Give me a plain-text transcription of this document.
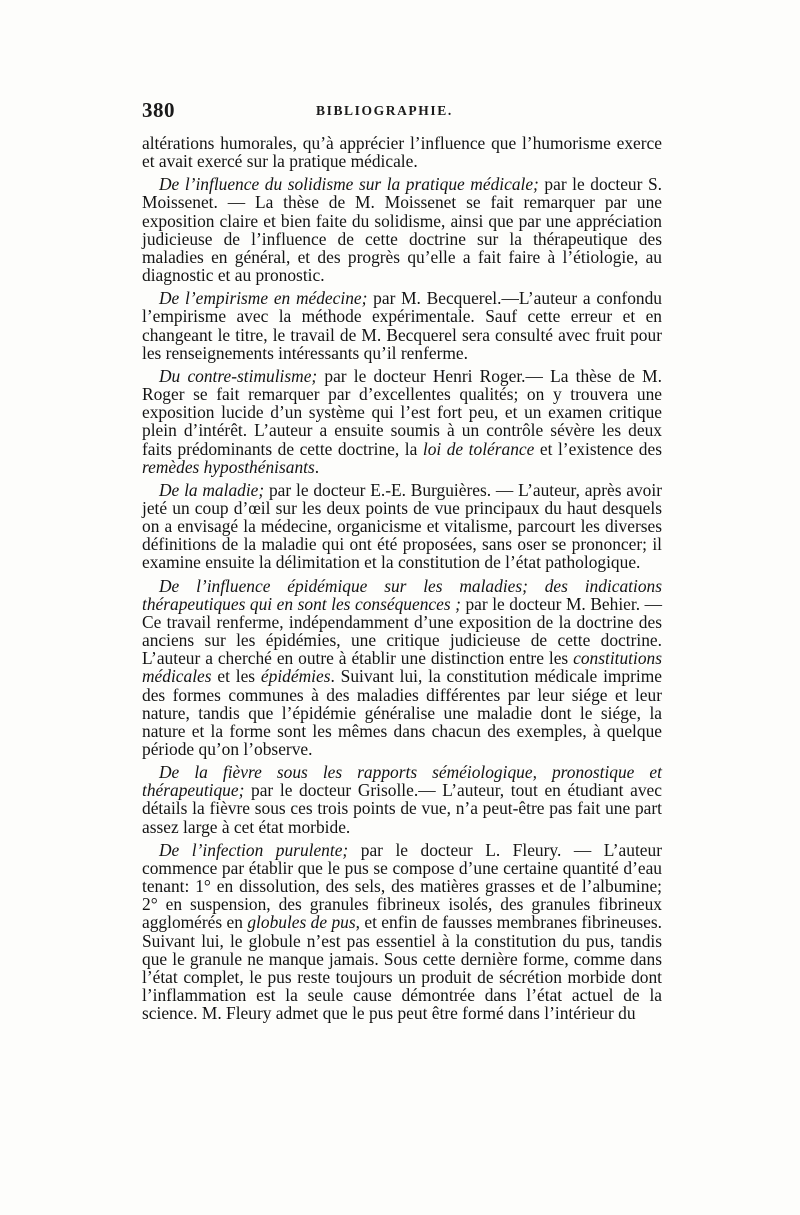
380	BIBLIOGRAPHIE.

altérations humorales, qu’à apprécier l’influence que l’humorisme exerce et avait exercé sur la pratique médicale.

De l’influence du solidisme sur la pratique médicale; par le docteur S. Moissenet. — La thèse de M. Moissenet se fait remarquer par une exposition claire et bien faite du solidisme, ainsi que par une appréciation judicieuse de l’influence de cette doctrine sur la thérapeutique des maladies en général, et des progrès qu’elle a fait faire à l’étiologie, au diagnostic et au pronostic.

De l’empirisme en médecine; par M. Becquerel.—L’auteur a confondu l’empirisme avec la méthode expérimentale. Sauf cette erreur et en changeant le titre, le travail de M. Becquerel sera consulté avec fruit pour les renseignements intéressants qu’il renferme.

Du contre-stimulisme; par le docteur Henri Roger.— La thèse de M. Roger se fait remarquer par d’excellentes qualités; on y trouvera une exposition lucide d’un système qui l’est fort peu, et un examen critique plein d’intérêt. L’auteur a ensuite soumis à un contrôle sévère les deux faits prédominants de cette doctrine, la loi de tolérance et l’existence des remèdes hyposthénisants.

De la maladie; par le docteur E.-E. Burguières. — L’auteur, après avoir jeté un coup d’œil sur les deux points de vue principaux du haut desquels on a envisagé la médecine, organicisme et vitalisme, parcourt les diverses définitions de la maladie qui ont été proposées, sans oser se prononcer; il examine ensuite la délimitation et la constitution de l’état pathologique.

De l’influence épidémique sur les maladies; des indications thérapeutiques qui en sont les conséquences ; par le docteur M. Behier. — Ce travail renferme, indépendamment d’une exposition de la doctrine des anciens sur les épidémies, une critique judicieuse de cette doctrine. L’auteur a cherché en outre à établir une distinction entre les constitutions médicales et les épidémies. Suivant lui, la constitution médicale imprime des formes communes à des maladies différentes par leur siége et leur nature, tandis que l’épidémie généralise une maladie dont le siége, la nature et la forme sont les mêmes dans chacun des exemples, à quelque période qu’on l’observe.

De la fièvre sous les rapports séméiologique, pronostique et thérapeutique; par le docteur Grisolle.— L’auteur, tout en étudiant avec détails la fièvre sous ces trois points de vue, n’a peut-être pas fait une part assez large à cet état morbide.

De l’infection purulente; par le docteur L. Fleury. — L’auteur commence par établir que le pus se compose d’une certaine quantité d’eau tenant: 1° en dissolution, des sels, des matières grasses et de l’albumine; 2° en suspension, des granules fibrineux isolés, des granules fibrineux agglomérés en globules de pus, et enfin de fausses membranes fibrineuses. Suivant lui, le globule n’est pas essentiel à la constitution du pus, tandis que le granule ne manque jamais. Sous cette dernière forme, comme dans l’état complet, le pus reste toujours un produit de sécrétion morbide dont l’inflammation est la seule cause démontrée dans l’état actuel de la science. M. Fleury admet que le pus peut être formé dans l’intérieur du
